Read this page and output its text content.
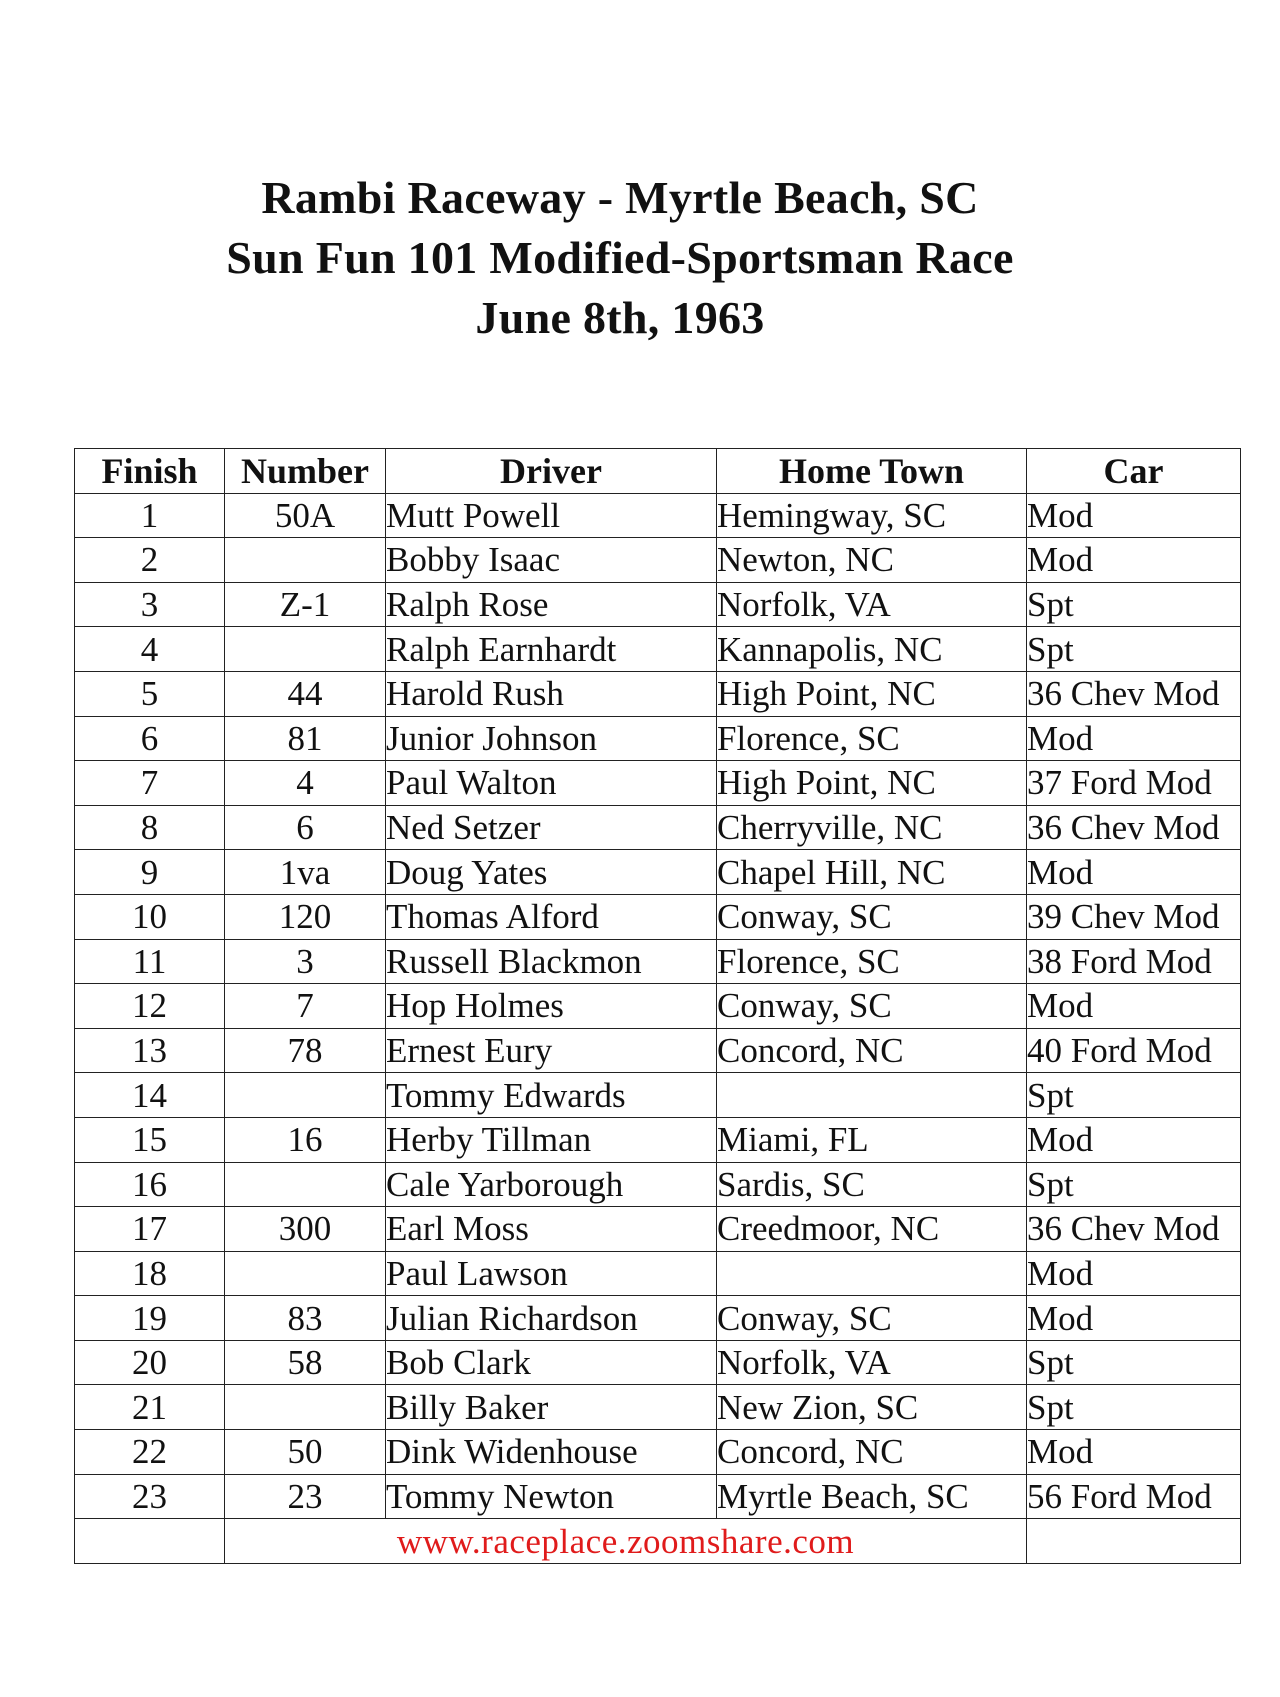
Rambi Raceway - Myrtle Beach, SC
Sun Fun 101 Modified-Sportsman Race
June 8th, 1963
Finish	Number	Driver	Home Town	Car
1	50A	Mutt Powell	Hemingway, SC	Mod
2		Bobby Isaac	Newton, NC	Mod
3	Z-1	Ralph Rose	Norfolk, VA	Spt
4		Ralph Earnhardt	Kannapolis, NC	Spt
5	44	Harold Rush	High Point, NC	36 Chev Mod
6	81	Junior Johnson	Florence, SC	Mod
7	4	Paul Walton	High Point, NC	37 Ford Mod
8	6	Ned Setzer	Cherryville, NC	36 Chev Mod
9	1va	Doug Yates	Chapel Hill, NC	Mod
10	120	Thomas Alford	Conway, SC	39 Chev Mod
11	3	Russell Blackmon	Florence, SC	38 Ford Mod
12	7	Hop Holmes	Conway, SC	Mod
13	78	Ernest Eury	Concord, NC	40 Ford Mod
14		Tommy Edwards		Spt
15	16	Herby Tillman	Miami, FL	Mod
16		Cale Yarborough	Sardis, SC	Spt
17	300	Earl Moss	Creedmoor, NC	36 Chev Mod
18		Paul Lawson		Mod
19	83	Julian Richardson	Conway, SC	Mod
20	58	Bob Clark	Norfolk, VA	Spt
21		Billy Baker	New Zion, SC	Spt
22	50	Dink Widenhouse	Concord, NC	Mod
23	23	Tommy Newton	Myrtle Beach, SC	56 Ford Mod
	www.raceplace.zoomshare.com			
